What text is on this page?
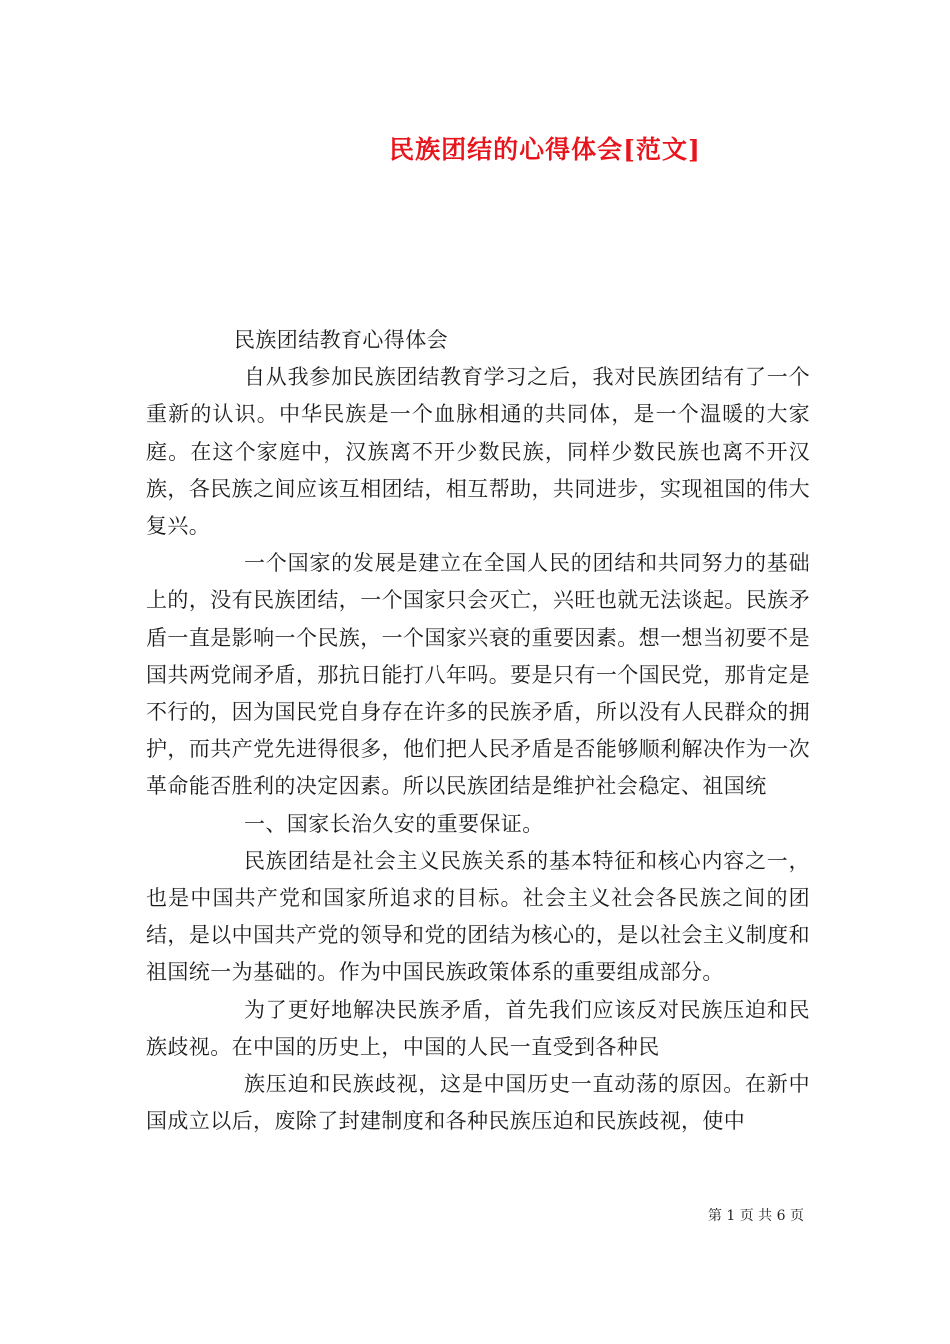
民族团结的心得体会[范文]

民族团结教育心得体会

自从我参加民族团结教育学习之后，我对民族团结有了一个重新的认识。中华民族是一个血脉相通的共同体，是一个温暖的大家庭。在这个家庭中，汉族离不开少数民族，同样少数民族也离不开汉族，各民族之间应该互相团结，相互帮助，共同进步，实现祖国的伟大复兴。

一个国家的发展是建立在全国人民的团结和共同努力的基础上的，没有民族团结，一个国家只会灭亡，兴旺也就无法谈起。民族矛盾一直是影响一个民族，一个国家兴衰的重要因素。想一想当初要不是国共两党闹矛盾，那抗日能打八年吗。要是只有一个国民党，那肯定是不行的，因为国民党自身存在许多的民族矛盾，所以没有人民群众的拥护，而共产党先进得很多，他们把人民矛盾是否能够顺利解决作为一次革命能否胜利的决定因素。所以民族团结是维护社会稳定、祖国统

一、国家长治久安的重要保证。

民族团结是社会主义民族关系的基本特征和核心内容之一，也是中国共产党和国家所追求的目标。社会主义社会各民族之间的团结，是以中国共产党的领导和党的团结为核心的，是以社会主义制度和祖国统一为基础的。作为中国民族政策体系的重要组成部分。

为了更好地解决民族矛盾，首先我们应该反对民族压迫和民族歧视。在中国的历史上，中国的人民一直受到各种民

族压迫和民族歧视，这是中国历史一直动荡的原因。在新中国成立以后，废除了封建制度和各种民族压迫和民族歧视，使中

第 1 页 共 6 页
